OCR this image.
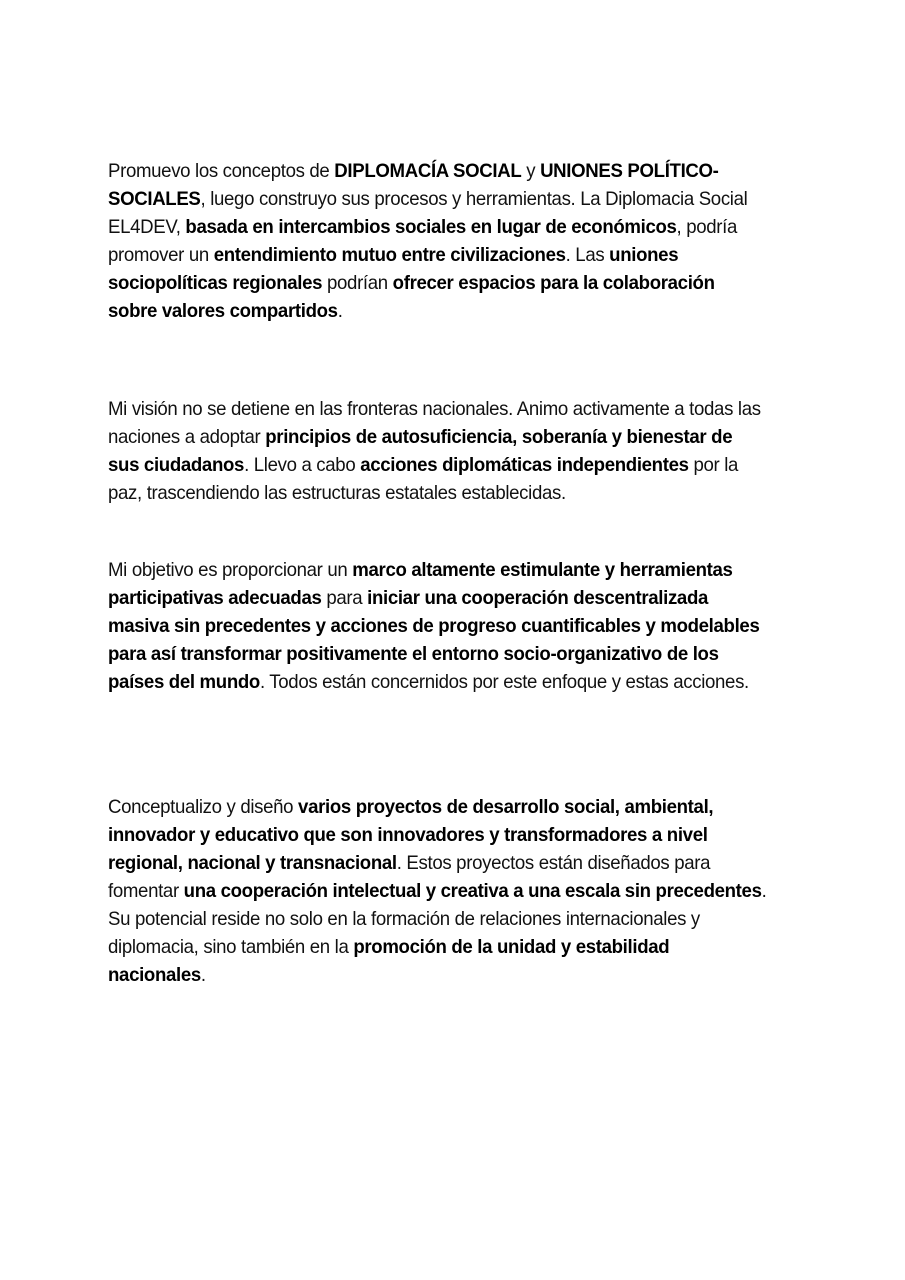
Promuevo los conceptos de DIPLOMACÍA SOCIAL y UNIONES POLÍTICO-SOCIALES, luego construyo sus procesos y herramientas. La Diplomacia Social EL4DEV, basada en intercambios sociales en lugar de económicos, podría promover un entendimiento mutuo entre civilizaciones. Las uniones sociopolíticas regionales podrían ofrecer espacios para la colaboración sobre valores compartidos.

Mi visión no se detiene en las fronteras nacionales. Animo activamente a todas las naciones a adoptar principios de autosuficiencia, soberanía y bienestar de sus ciudadanos. Llevo a cabo acciones diplomáticas independientes por la paz, trascendiendo las estructuras estatales establecidas.

Mi objetivo es proporcionar un marco altamente estimulante y herramientas participativas adecuadas para iniciar una cooperación descentralizada masiva sin precedentes y acciones de progreso cuantificables y modelables para así transformar positivamente el entorno socio-organizativo de los países del mundo. Todos están concernidos por este enfoque y estas acciones.

Conceptualizo y diseño varios proyectos de desarrollo social, ambiental, innovador y educativo que son innovadores y transformadores a nivel regional, nacional y transnacional. Estos proyectos están diseñados para fomentar una cooperación intelectual y creativa a una escala sin precedentes. Su potencial reside no solo en la formación de relaciones internacionales y diplomacia, sino también en la promoción de la unidad y estabilidad nacionales.
